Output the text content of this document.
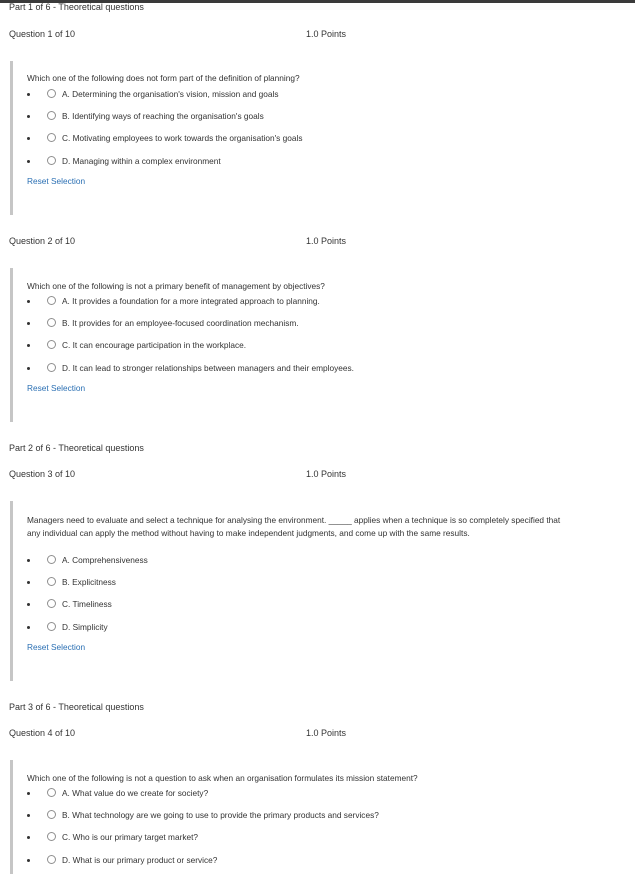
Part 1 of 6 - Theoretical questions
Question 1 of 10	1.0 Points
Which one of the following does not form part of the definition of planning?
A. Determining the organisation's vision, mission and goals
B. Identifying ways of reaching the organisation's goals
C. Motivating employees to work towards the organisation's goals
D. Managing within a complex environment
Reset Selection
Question 2 of 10	1.0 Points
Which one of the following is not a primary benefit of management by objectives?
A. It provides a foundation for a more integrated approach to planning.
B. It provides for an employee-focused coordination mechanism.
C. It can encourage participation in the workplace.
D. It can lead to stronger relationships between managers and their employees.
Reset Selection
Part 2 of 6 - Theoretical questions
Question 3 of 10	1.0 Points
Managers need to evaluate and select a technique for analysing the environment. _____ applies when a technique is so completely specified that any individual can apply the method without having to make independent judgments, and come up with the same results.
A. Comprehensiveness
B. Explicitness
C. Timeliness
D. Simplicity
Reset Selection
Part 3 of 6 - Theoretical questions
Question 4 of 10	1.0 Points
Which one of the following is not a question to ask when an organisation formulates its mission statement?
A. What value do we create for society?
B. What technology are we going to use to provide the primary products and services?
C. Who is our primary target market?
D. What is our primary product or service?
